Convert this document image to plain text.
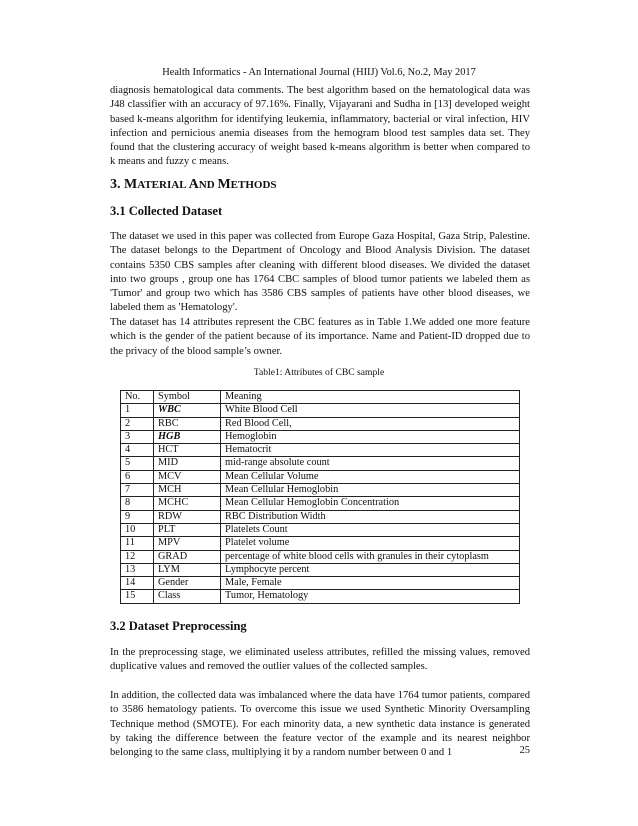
Health Informatics - An International Journal (HIIJ) Vol.6, No.2, May 2017
diagnosis hematological data comments. The best algorithm based on the hematological data was J48 classifier with an accuracy of 97.16%. Finally, Vijayarani and Sudha in [13] developed weight based k-means algorithm for identifying leukemia, inflammatory, bacterial or viral infection, HIV infection and pernicious anemia diseases from the hemogram blood test samples data set. They found that the clustering accuracy of weight based k-means algorithm is better when compared to k means and fuzzy c means.
3. MATERIAL AND METHODS
3.1 Collected Dataset
The dataset we used in this paper was collected from Europe Gaza Hospital, Gaza Strip, Palestine. The dataset belongs to the Department of Oncology and Blood Analysis Division. The dataset contains 5350 CBS samples after cleaning with different blood diseases. We divided the dataset into two groups , group one has 1764 CBC samples of blood tumor patients we labeled them as 'Tumor' and group two which has 3586 CBS samples of patients have other blood diseases, we labeled them as 'Hematology'.
The dataset has 14 attributes represent the CBC features as in Table 1.We added one more feature which is the gender of the patient because of its importance. Name and Patient-ID dropped due to the privacy of the blood sample’s owner.
Table1: Attributes of CBC sample
No.	Symbol	Meaning
1	WBC	White Blood Cell
2	RBC	Red Blood Cell,
3	HGB	Hemoglobin
4	HCT	Hematocrit
5	MID	mid-range absolute count
6	MCV	Mean Cellular Volume
7	MCH	Mean Cellular Hemoglobin
8	MCHC	Mean Cellular Hemoglobin Concentration
9	RDW	RBC Distribution Width
10	PLT	Platelets Count
11	MPV	Platelet volume
12	GRAD	percentage of white blood cells with granules in their cytoplasm
13	LYM	Lymphocyte percent
14	Gender	Male, Female
15	Class	Tumor, Hematology
3.2 Dataset Preprocessing
In the preprocessing stage, we eliminated useless attributes, refilled the missing values, removed duplicative values and removed the outlier values of the collected samples.
In addition, the collected data was imbalanced where the data have 1764 tumor patients, compared to 3586 hematology patients. To overcome this issue we used Synthetic Minority Oversampling Technique method (SMOTE). For each minority data, a new synthetic data instance is generated by taking the difference between the feature vector of the example and its nearest neighbor belonging to the same class, multiplying it by a random number between 0 and 1	25
